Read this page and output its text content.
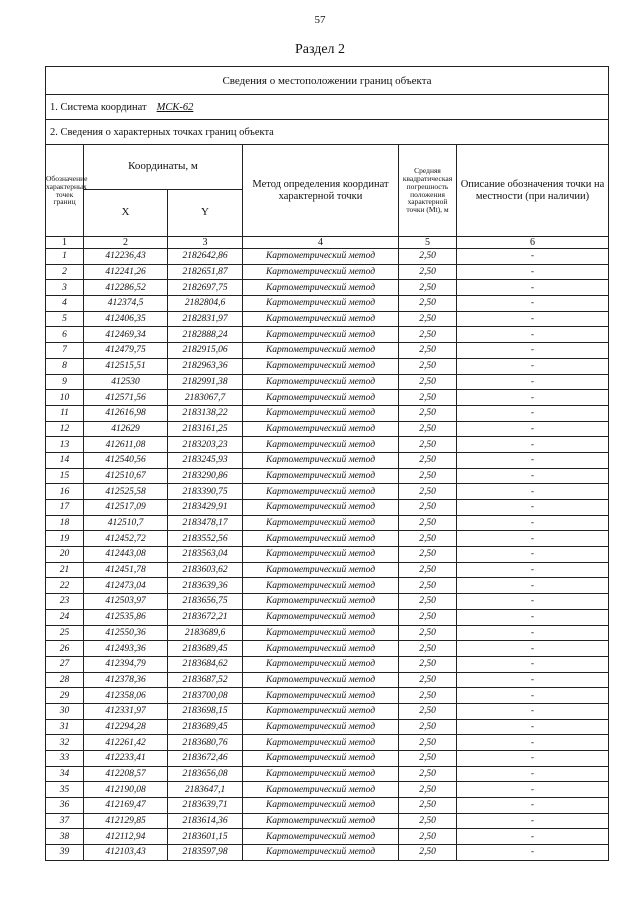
57
Раздел 2
Сведения о местоположении границ объекта					
1. Система координат МСК-62					
2. Сведения о характерных точках границ объекта					
Обозначение характерных точек границ	Координаты, м		Метод определения координат характерной точки	Средняя квадратическая погрешность положения характерной точки (Mt), м	Описание обозначения точки на местности (при наличии)
	X	Y			
1	2	3	4	5	6
1	412236,43	2182642,86	Картометрический метод	2,50	-
2	412241,26	2182651,87	Картометрический метод	2,50	-
3	412286,52	2182697,75	Картометрический метод	2,50	-
4	412374,5	2182804,6	Картометрический метод	2,50	-
5	412406,35	2182831,97	Картометрический метод	2,50	-
6	412469,34	2182888,24	Картометрический метод	2,50	-
7	412479,75	2182915,06	Картометрический метод	2,50	-
8	412515,51	2182963,36	Картометрический метод	2,50	-
9	412530	2182991,38	Картометрический метод	2,50	-
10	412571,56	2183067,7	Картометрический метод	2,50	-
11	412616,98	2183138,22	Картометрический метод	2,50	-
12	412629	2183161,25	Картометрический метод	2,50	-
13	412611,08	2183203,23	Картометрический метод	2,50	-
14	412540,56	2183245,93	Картометрический метод	2,50	-
15	412510,67	2183290,86	Картометрический метод	2,50	-
16	412525,58	2183390,75	Картометрический метод	2,50	-
17	412517,09	2183429,91	Картометрический метод	2,50	-
18	412510,7	2183478,17	Картометрический метод	2,50	-
19	412452,72	2183552,56	Картометрический метод	2,50	-
20	412443,08	2183563,04	Картометрический метод	2,50	-
21	412451,78	2183603,62	Картометрический метод	2,50	-
22	412473,04	2183639,36	Картометрический метод	2,50	-
23	412503,97	2183656,75	Картометрический метод	2,50	-
24	412535,86	2183672,21	Картометрический метод	2,50	-
25	412550,36	2183689,6	Картометрический метод	2,50	-
26	412493,36	2183689,45	Картометрический метод	2,50	-
27	412394,79	2183684,62	Картометрический метод	2,50	-
28	412378,36	2183687,52	Картометрический метод	2,50	-
29	412358,06	2183700,08	Картометрический метод	2,50	-
30	412331,97	2183698,15	Картометрический метод	2,50	-
31	412294,28	2183689,45	Картометрический метод	2,50	-
32	412261,42	2183680,76	Картометрический метод	2,50	-
33	412233,41	2183672,46	Картометрический метод	2,50	-
34	412208,57	2183656,08	Картометрический метод	2,50	-
35	412190,08	2183647,1	Картометрический метод	2,50	-
36	412169,47	2183639,71	Картометрический метод	2,50	-
37	412129,85	2183614,36	Картометрический метод	2,50	-
38	412112,94	2183601,15	Картометрический метод	2,50	-
39	412103,43	2183597,98	Картометрический метод	2,50	-
